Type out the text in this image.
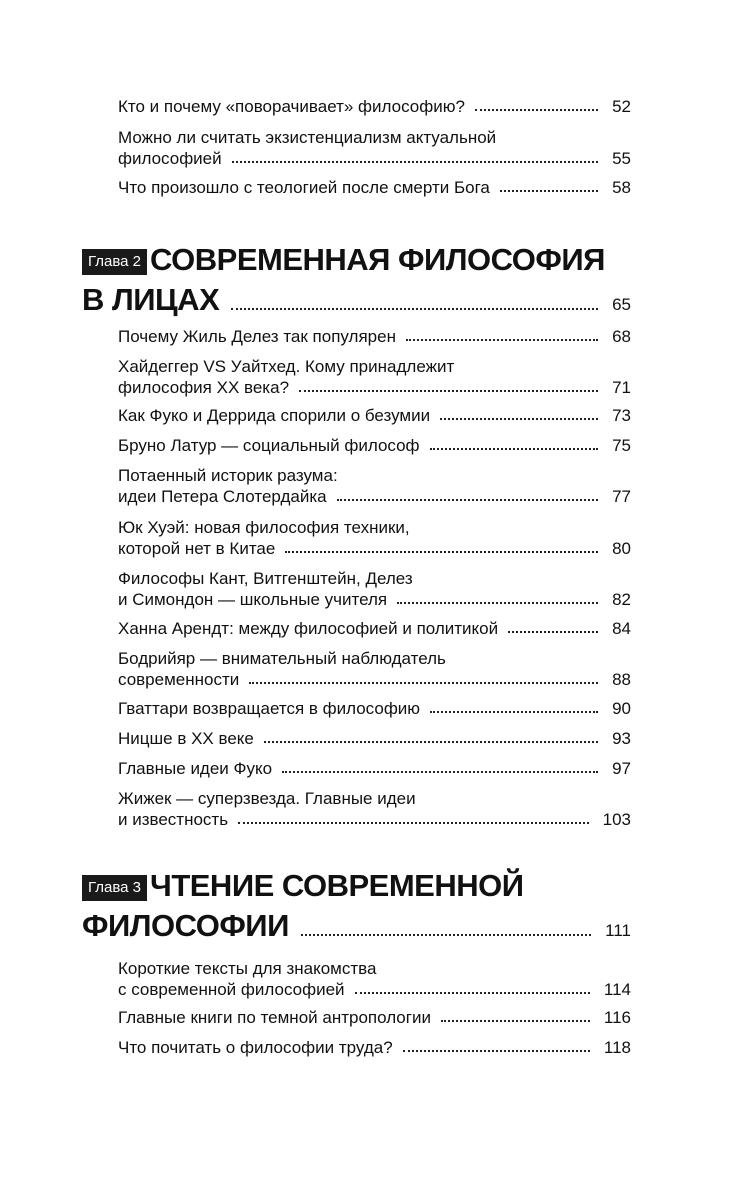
Кто и почему «поворачивает» философию?	52
Можно ли считать экзистенциализм актуальной
философией	55
Что произошло с теологией после смерти Бога	58
Глава 2 СОВРЕМЕННАЯ ФИЛОСОФИЯ
В ЛИЦАХ	65
Почему Жиль Делез так популярен	68
Хайдеггер VS Уайтхед. Кому принадлежит
философия XX века?	71
Как Фуко и Деррида спорили о безумии	73
Бруно Латур — социальный философ	75
Потаенный историк разума:
идеи Петера Слотердайка	77
Юк Хуэй: новая философия техники,
которой нет в Китае	80
Философы Кант, Витгенштейн, Делез
и Симондон — школьные учителя	82
Ханна Арендт: между философией и политикой	84
Бодрийяр — внимательный наблюдатель
современности	88
Гваттари возвращается в философию	90
Ницше в XX веке	93
Главные идеи Фуко	97
Жижек — суперзвезда. Главные идеи
и известность	103
Глава 3 ЧТЕНИЕ СОВРЕМЕННОЙ
ФИЛОСОФИИ	111
Короткие тексты для знакомства
с современной философией	114
Главные книги по темной антропологии	116
Что почитать о философии труда?	118
